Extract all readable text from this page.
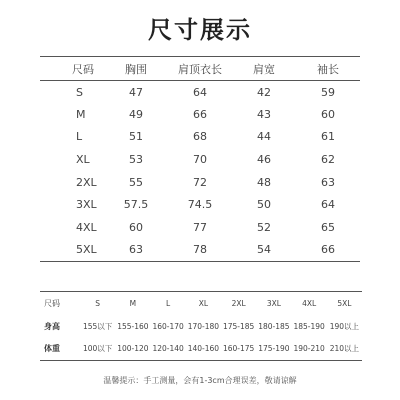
尺寸展示
尺码	胸围	肩顶衣长	肩宽	袖长
S	47	64	42	59
M	49	66	43	60
L	51	68	44	61
XL	53	70	46	62
2XL	55	72	48	63
3XL	57.5	74.5	50	64
4XL	60	77	52	65
5XL	63	78	54	66
尺码	S	M	L	XL	2XL	3XL	4XL	5XL
身高	155以下	155-160	160-170	170-180	175-185	180-185	185-190	190以上
体重	100以下	100-120	120-140	140-160	160-175	175-190	190-210	210以上
温馨提示：手工测量，会有1-3cm合理误差，敬请谅解
